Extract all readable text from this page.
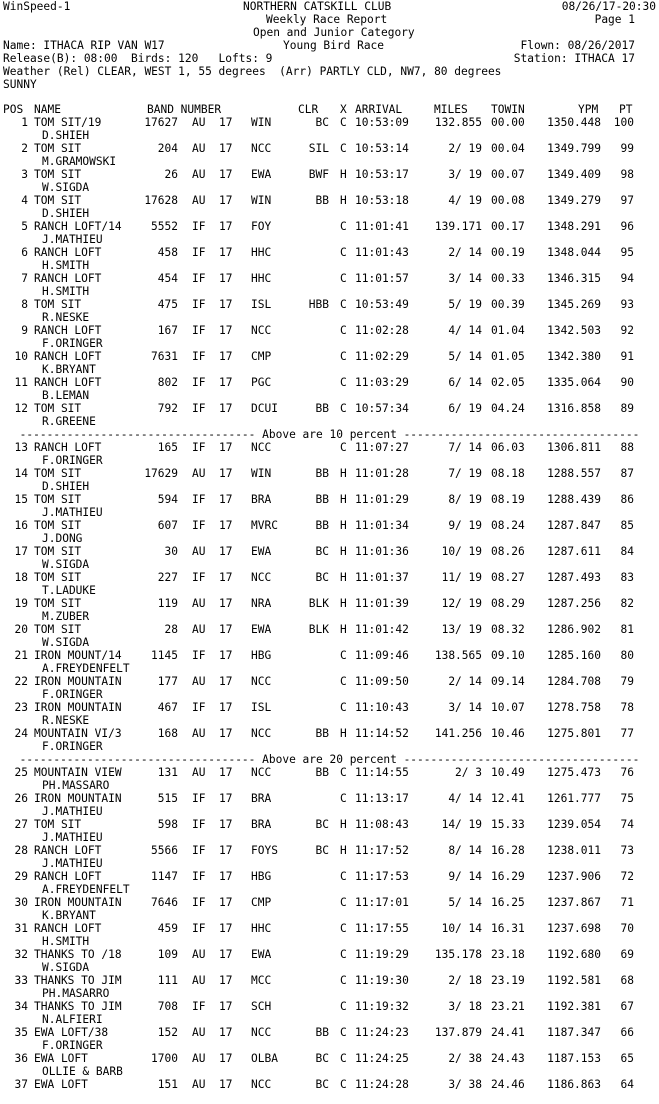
WinSpeed-1

	NORTHERN CATSKILL CLUB

	08/26/17-20:30

Weekly Race Report

	Page 1

Open and Junior Category

Name: ITHACA RIP VAN W17

	Young Bird Race

	Flown: 08/26/2017

Release(B): 08:00  Birds: 120   Lofts: 9

	Station: ITHACA 17

Weather (Rel) CLEAR, WEST 1, 55 degrees  (Arr) PARTLY CLD, NW7, 80 degrees

SUNNY

POS NAME	BAND NUMBER	CLR X ARRIVAL	MILES TOWIN	YPM PT
1 TOM SIT/19	17627 AU 17 WIN	BC C 10:53:09	132.855 00.00	1350.448	100
D.SHIEH
2 TOM SIT	204 AU 17 NCC	SIL C 10:53:14	2/ 19 00.04	1349.799	99
M.GRAMOWSKI
3 TOM SIT	26 AU 17 EWA	BWF H 10:53:17	3/ 19 00.07	1349.409	98
W.SIGDA
4 TOM SIT	17628 AU 17 WIN	BB H 10:53:18	4/ 19 00.08	1349.279	97
D.SHIEH
5 RANCH LOFT/14	5552 IF 17 FOY	C 11:01:41	139.171 00.17	1348.291	96
J.MATHIEU
6 RANCH LOFT	458 IF 17 HHC	C 11:01:43	2/ 14 00.19	1348.044	95
H.SMITH
7 RANCH LOFT	454 IF 17 HHC	C 11:01:57	3/ 14 00.33	1346.315	94
H.SMITH
8 TOM SIT	475 IF 17 ISL	HBB C 10:53:49	5/ 19 00.39	1345.269	93
R.NESKE
9 RANCH LOFT	167 IF 17 NCC	C 11:02:28	4/ 14 01.04	1342.503	92
F.ORINGER
10 RANCH LOFT	7631 IF 17 CMP	C 11:02:29	5/ 14 01.05	1342.380	91
K.BRYANT
11 RANCH LOFT	802 IF 17 PGC	C 11:03:29	6/ 14 02.05	1335.064	90
B.LEMAN
12 TOM SIT	792 IF 17 DCUI	BB C 10:57:34	6/ 19 04.24	1316.858	89
R.GREENE
----------------------------------- Above are 10 percent -----------------------------------
13 RANCH LOFT	165 IF 17 NCC	C 11:07:27	7/ 14 06.03	1306.811	88
F.ORINGER
14 TOM SIT	17629 AU 17 WIN	BB H 11:01:28	7/ 19 08.18	1288.557	87
D.SHIEH
15 TOM SIT	594 IF 17 BRA	BB H 11:01:29	8/ 19 08.19	1288.439	86
J.MATHIEU
16 TOM SIT	607 IF 17 MVRC	BB H 11:01:34	9/ 19 08.24	1287.847	85
J.DONG
17 TOM SIT	30 AU 17 EWA	BC H 11:01:36	10/ 19 08.26	1287.611	84
W.SIGDA
18 TOM SIT	227 IF 17 NCC	BC H 11:01:37	11/ 19 08.27	1287.493	83
T.LADUKE
19 TOM SIT	119 AU 17 NRA	BLK H 11:01:39	12/ 19 08.29	1287.256	82
M.ZUBER
20 TOM SIT	28 AU 17 EWA	BLK H 11:01:42	13/ 19 08.32	1286.902	81
W.SIGDA
21 IRON MOUNT/14	1145 IF 17 HBG	C 11:09:46	138.565 09.10	1285.160	80
A.FREYDENFELT
22 IRON MOUNTAIN	177 AU 17 NCC	C 11:09:50	2/ 14 09.14	1284.708	79
F.ORINGER
23 IRON MOUNTAIN	467 IF 17 ISL	C 11:10:43	3/ 14 10.07	1278.758	78
R.NESKE
24 MOUNTAIN VI/3	168 AU 17 NCC	BB H 11:14:52	141.256 10.46	1275.801	77
F.ORINGER
----------------------------------- Above are 20 percent -----------------------------------
25 MOUNTAIN VIEW	131 AU 17 NCC	BB C 11:14:55	2/ 3 10.49	1275.473	76
PH.MASSARO
26 IRON MOUNTAIN	515 IF 17 BRA	C 11:13:17	4/ 14 12.41	1261.777	75
J.MATHIEU
27 TOM SIT	598 IF 17 BRA	BC H 11:08:43	14/ 19 15.33	1239.054	74
J.MATHIEU
28 RANCH LOFT	5566 IF 17 FOYS	BC H 11:17:52	8/ 14 16.28	1238.011	73
J.MATHIEU
29 RANCH LOFT	1147 IF 17 HBG	C 11:17:53	9/ 14 16.29	1237.906	72
A.FREYDENFELT
30 IRON MOUNTAIN	7646 IF 17 CMP	C 11:17:01	5/ 14 16.25	1237.867	71
K.BRYANT
31 RANCH LOFT	459 IF 17 HHC	C 11:17:55	10/ 14 16.31	1237.698	70
H.SMITH
32 THANKS TO /18	109 AU 17 EWA	C 11:19:29	135.178 23.18	1192.680	69
W.SIGDA
33 THANKS TO JIM	111 AU 17 MCC	C 11:19:30	2/ 18 23.19	1192.581	68
PH.MASARRO
34 THANKS TO JIM	708 IF 17 SCH	C 11:19:32	3/ 18 23.21	1192.381	67
N.ALFIERI
35 EWA LOFT/38	152 AU 17 NCC	BB C 11:24:23	137.879 24.41	1187.347	66
F.ORINGER
36 EWA LOFT	1700 AU 17 OLBA	BC C 11:24:25	2/ 38 24.43	1187.153	65
OLLIE & BARB
37 EWA LOFT	151 AU 17 NCC	BC C 11:24:28	3/ 38 24.46	1186.863	64
